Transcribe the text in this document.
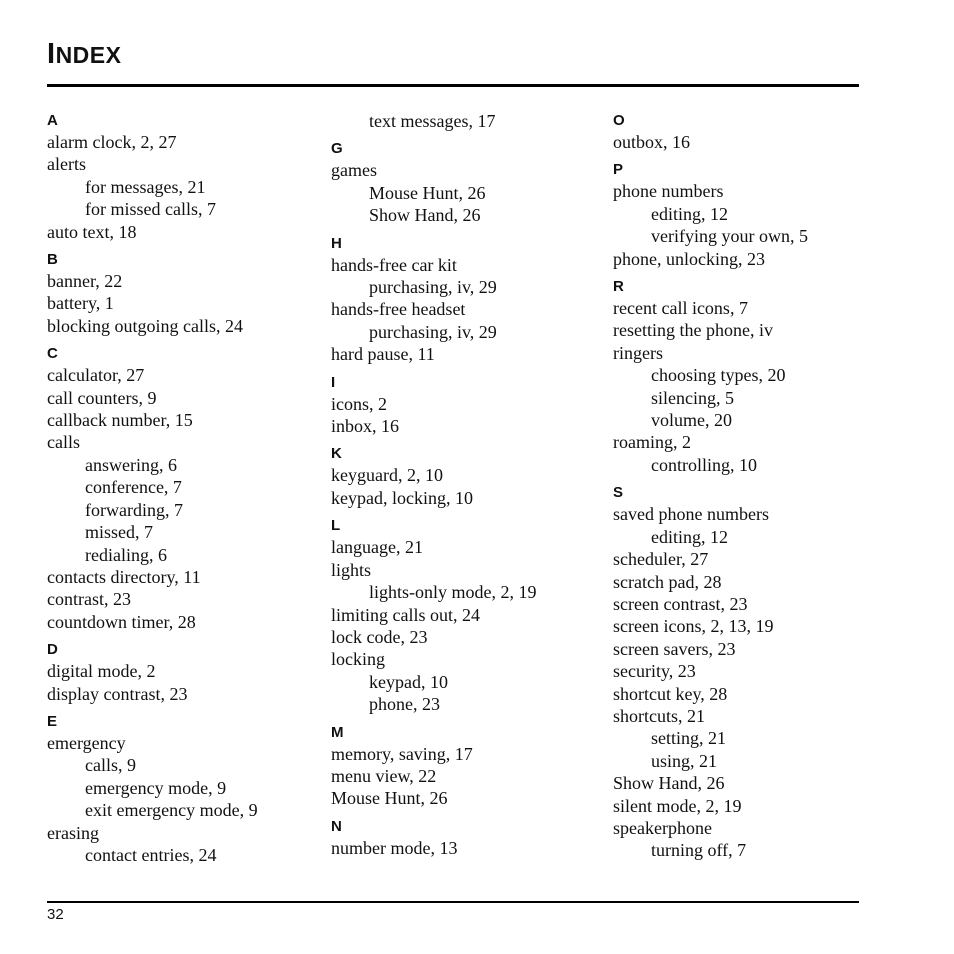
INDEX
A
alarm clock, 2, 27
alerts
for messages, 21
for missed calls, 7
auto text, 18
B
banner, 22
battery, 1
blocking outgoing calls, 24
C
calculator, 27
call counters, 9
callback number, 15
calls
answering, 6
conference, 7
forwarding, 7
missed, 7
redialing, 6
contacts directory, 11
contrast, 23
countdown timer, 28
D
digital mode, 2
display contrast, 23
E
emergency
calls, 9
emergency mode, 9
exit emergency mode, 9
erasing
contact entries, 24
text messages, 17
G
games
Mouse Hunt, 26
Show Hand, 26
H
hands-free car kit
purchasing, iv, 29
hands-free headset
purchasing, iv, 29
hard pause, 11
I
icons, 2
inbox, 16
K
keyguard, 2, 10
keypad, locking, 10
L
language, 21
lights
lights-only mode, 2, 19
limiting calls out, 24
lock code, 23
locking
keypad, 10
phone, 23
M
memory, saving, 17
menu view, 22
Mouse Hunt, 26
N
number mode, 13
O
outbox, 16
P
phone numbers
editing, 12
verifying your own, 5
phone, unlocking, 23
R
recent call icons, 7
resetting the phone, iv
ringers
choosing types, 20
silencing, 5
volume, 20
roaming, 2
controlling, 10
S
saved phone numbers
editing, 12
scheduler, 27
scratch pad, 28
screen contrast, 23
screen icons, 2, 13, 19
screen savers, 23
security, 23
shortcut key, 28
shortcuts, 21
setting, 21
using, 21
Show Hand, 26
silent mode, 2, 19
speakerphone
turning off, 7
32
